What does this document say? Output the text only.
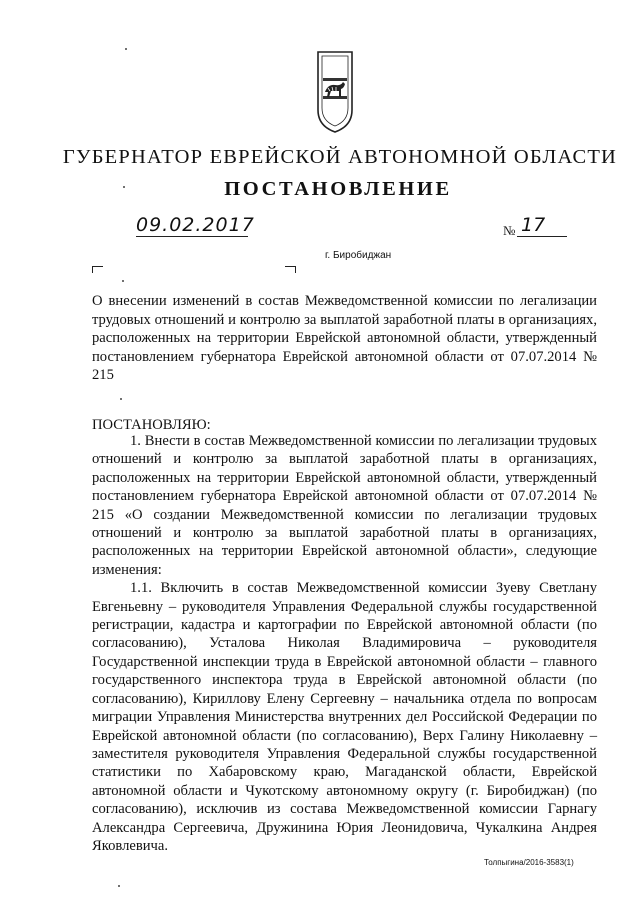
ГУБЕРНАТОР ЕВРЕЙСКОЙ АВТОНОМНОЙ ОБЛАСТИ
ПОСТАНОВЛЕНИЕ
09.02.2017	№ 17
г. Биробиджан
О внесении изменений в состав Межведомственной комиссии по легализации трудовых отношений и контролю за выплатой заработной платы в организациях, расположенных на территории Еврейской автономной области, утвержденный постановлением губернатора Еврейской автономной области от 07.07.2014 № 215
ПОСТАНОВЛЯЮ:

1. Внести в состав Межведомственной комиссии по легализации трудовых отношений и контролю за выплатой заработной платы в организациях, расположенных на территории Еврейской автономной области, утвержденный постановлением губернатора Еврейской автономной области от 07.07.2014 № 215 «О создании Межведомственной комиссии по легализации трудовых отношений и контролю за выплатой заработной платы в организациях, расположенных на территории Еврейской автономной области», следующие изменения:

1.1. Включить в состав Межведомственной комиссии Зуеву Светлану Евгеньевну – руководителя Управления Федеральной службы государственной регистрации, кадастра и картографии по Еврейской автономной области (по согласованию), Усталова Николая Владимировича – руководителя Государственной инспекции труда в Еврейской автономной области – главного государственного инспектора труда в Еврейской автономной области (по согласованию), Кириллову Елену Сергеевну – начальника отдела по вопросам миграции Управления Министерства внутренних дел Российской Федерации по Еврейской автономной области (по согласованию), Верх Галину Николаевну – заместителя руководителя Управления Федеральной службы государственной статистики по Хабаровскому краю, Магаданской области, Еврейской автономной области и Чукотскому автономному округу (г. Биробиджан) (по согласованию), исключив из состава Межведомственной комиссии Гарнагу Александра Сергеевича, Дружинина Юрия Леонидовича, Чукалкина Андрея Яковлевича.

Толпыгина/2016-3583(1)
